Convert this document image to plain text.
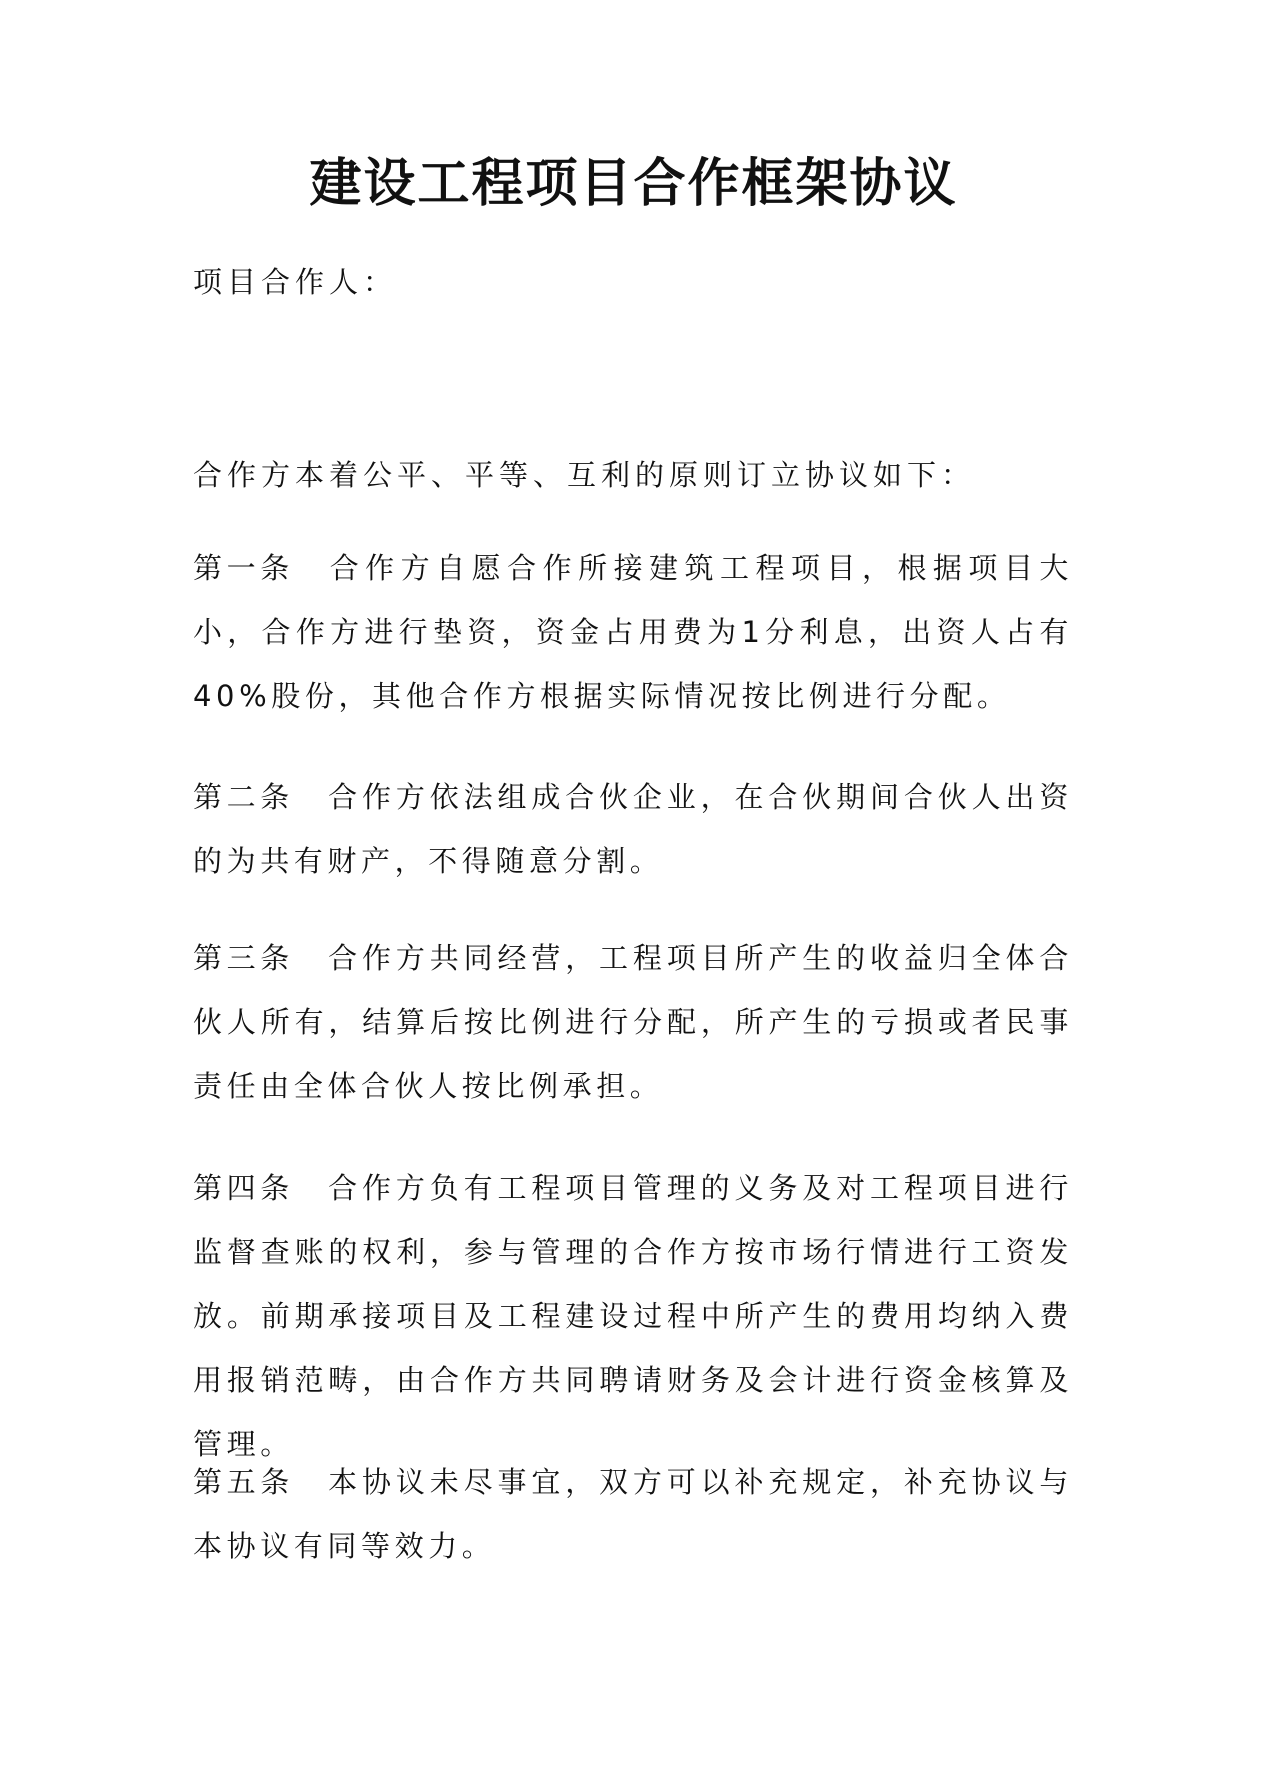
建设工程项目合作框架协议
项目合作人：
合作方本着公平、平等、互利的原则订立协议如下：
第一条 合作方自愿合作所接建筑工程项目，根据项目大小，合作方进行垫资，资金占用费为1分利息，出资人占有40%股份，其他合作方根据实际情况按比例进行分配。
第二条 合作方依法组成合伙企业，在合伙期间合伙人出资的为共有财产，不得随意分割。
第三条 合作方共同经营，工程项目所产生的收益归全体合伙人所有，结算后按比例进行分配，所产生的亏损或者民事责任由全体合伙人按比例承担。
第四条 合作方负有工程项目管理的义务及对工程项目进行监督查账的权利，参与管理的合作方按市场行情进行工资发放。前期承接项目及工程建设过程中所产生的费用均纳入费用报销范畴，由合作方共同聘请财务及会计进行资金核算及管理。
第五条 本协议未尽事宜，双方可以补充规定，补充协议与本协议有同等效力。
